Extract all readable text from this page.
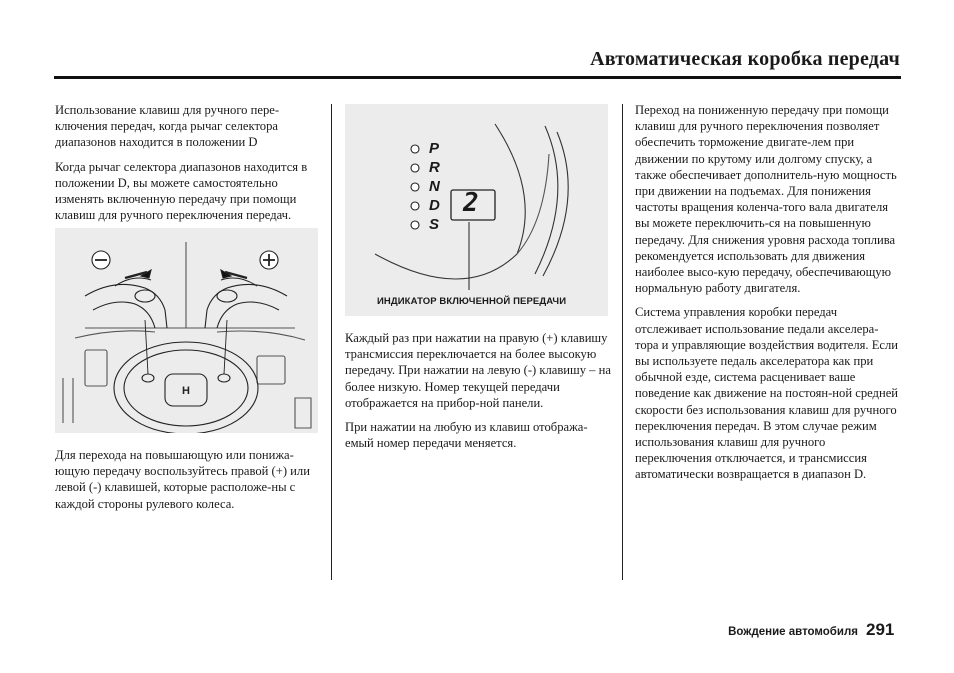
Автоматическая коробка передач

Использование клавиш для ручного пере-
ключения передач, когда рычаг селектора
диапазонов находится в положении D

Когда рычаг селектора диапазонов находится в положении D, вы можете самостоятельно изменять включенную передачу при помощи клавиш для ручного переключения передач.

H

Для перехода на повышающую или понижа-ющую передачу воспользуйтесь правой (+) или левой (-) клавишей, которые расположе-ны с каждой стороны рулевого колеса.

P
R
N
D
S
2
ИНДИКАТОР ВКЛЮЧЕННОЙ ПЕРЕДАЧИ

Каждый раз при нажатии на правую (+) клавишу трансмиссия переключается на более высокую передачу. При нажатии на левую (-) клавишу – на более низкую. Номер текущей передачи отображается на прибор-ной панели.

При нажатии на любую из клавиш отобража-емый номер передачи меняется.

Переход на пониженную передачу при помощи клавиш для ручного переключения позволяет обеспечить торможение двигате-лем при движении по крутому или долгому спуску, а также обеспечивает дополнитель-ную мощность при движении на подъемах. Для понижения частоты вращения коленча-того вала двигателя вы можете переключить-ся на повышенную передачу. Для снижения уровня расхода топлива рекомендуется использовать для движения наиболее высо-кую передачу, обеспечивающую нормальную работу двигателя.

Система управления коробки передач отслеживает использование педали акселера-тора и управляющие воздействия водителя. Если вы используете педаль акселератора как при обычной езде, система расценивает ваше поведение как движение на постоян-ной средней скорости без использования клавиш для ручного переключения передач. В этом случае режим использования клавиш для ручного переключения отключается, и трансмиссия автоматически возвращается в диапазон D.

Вождение автомобиля 291
